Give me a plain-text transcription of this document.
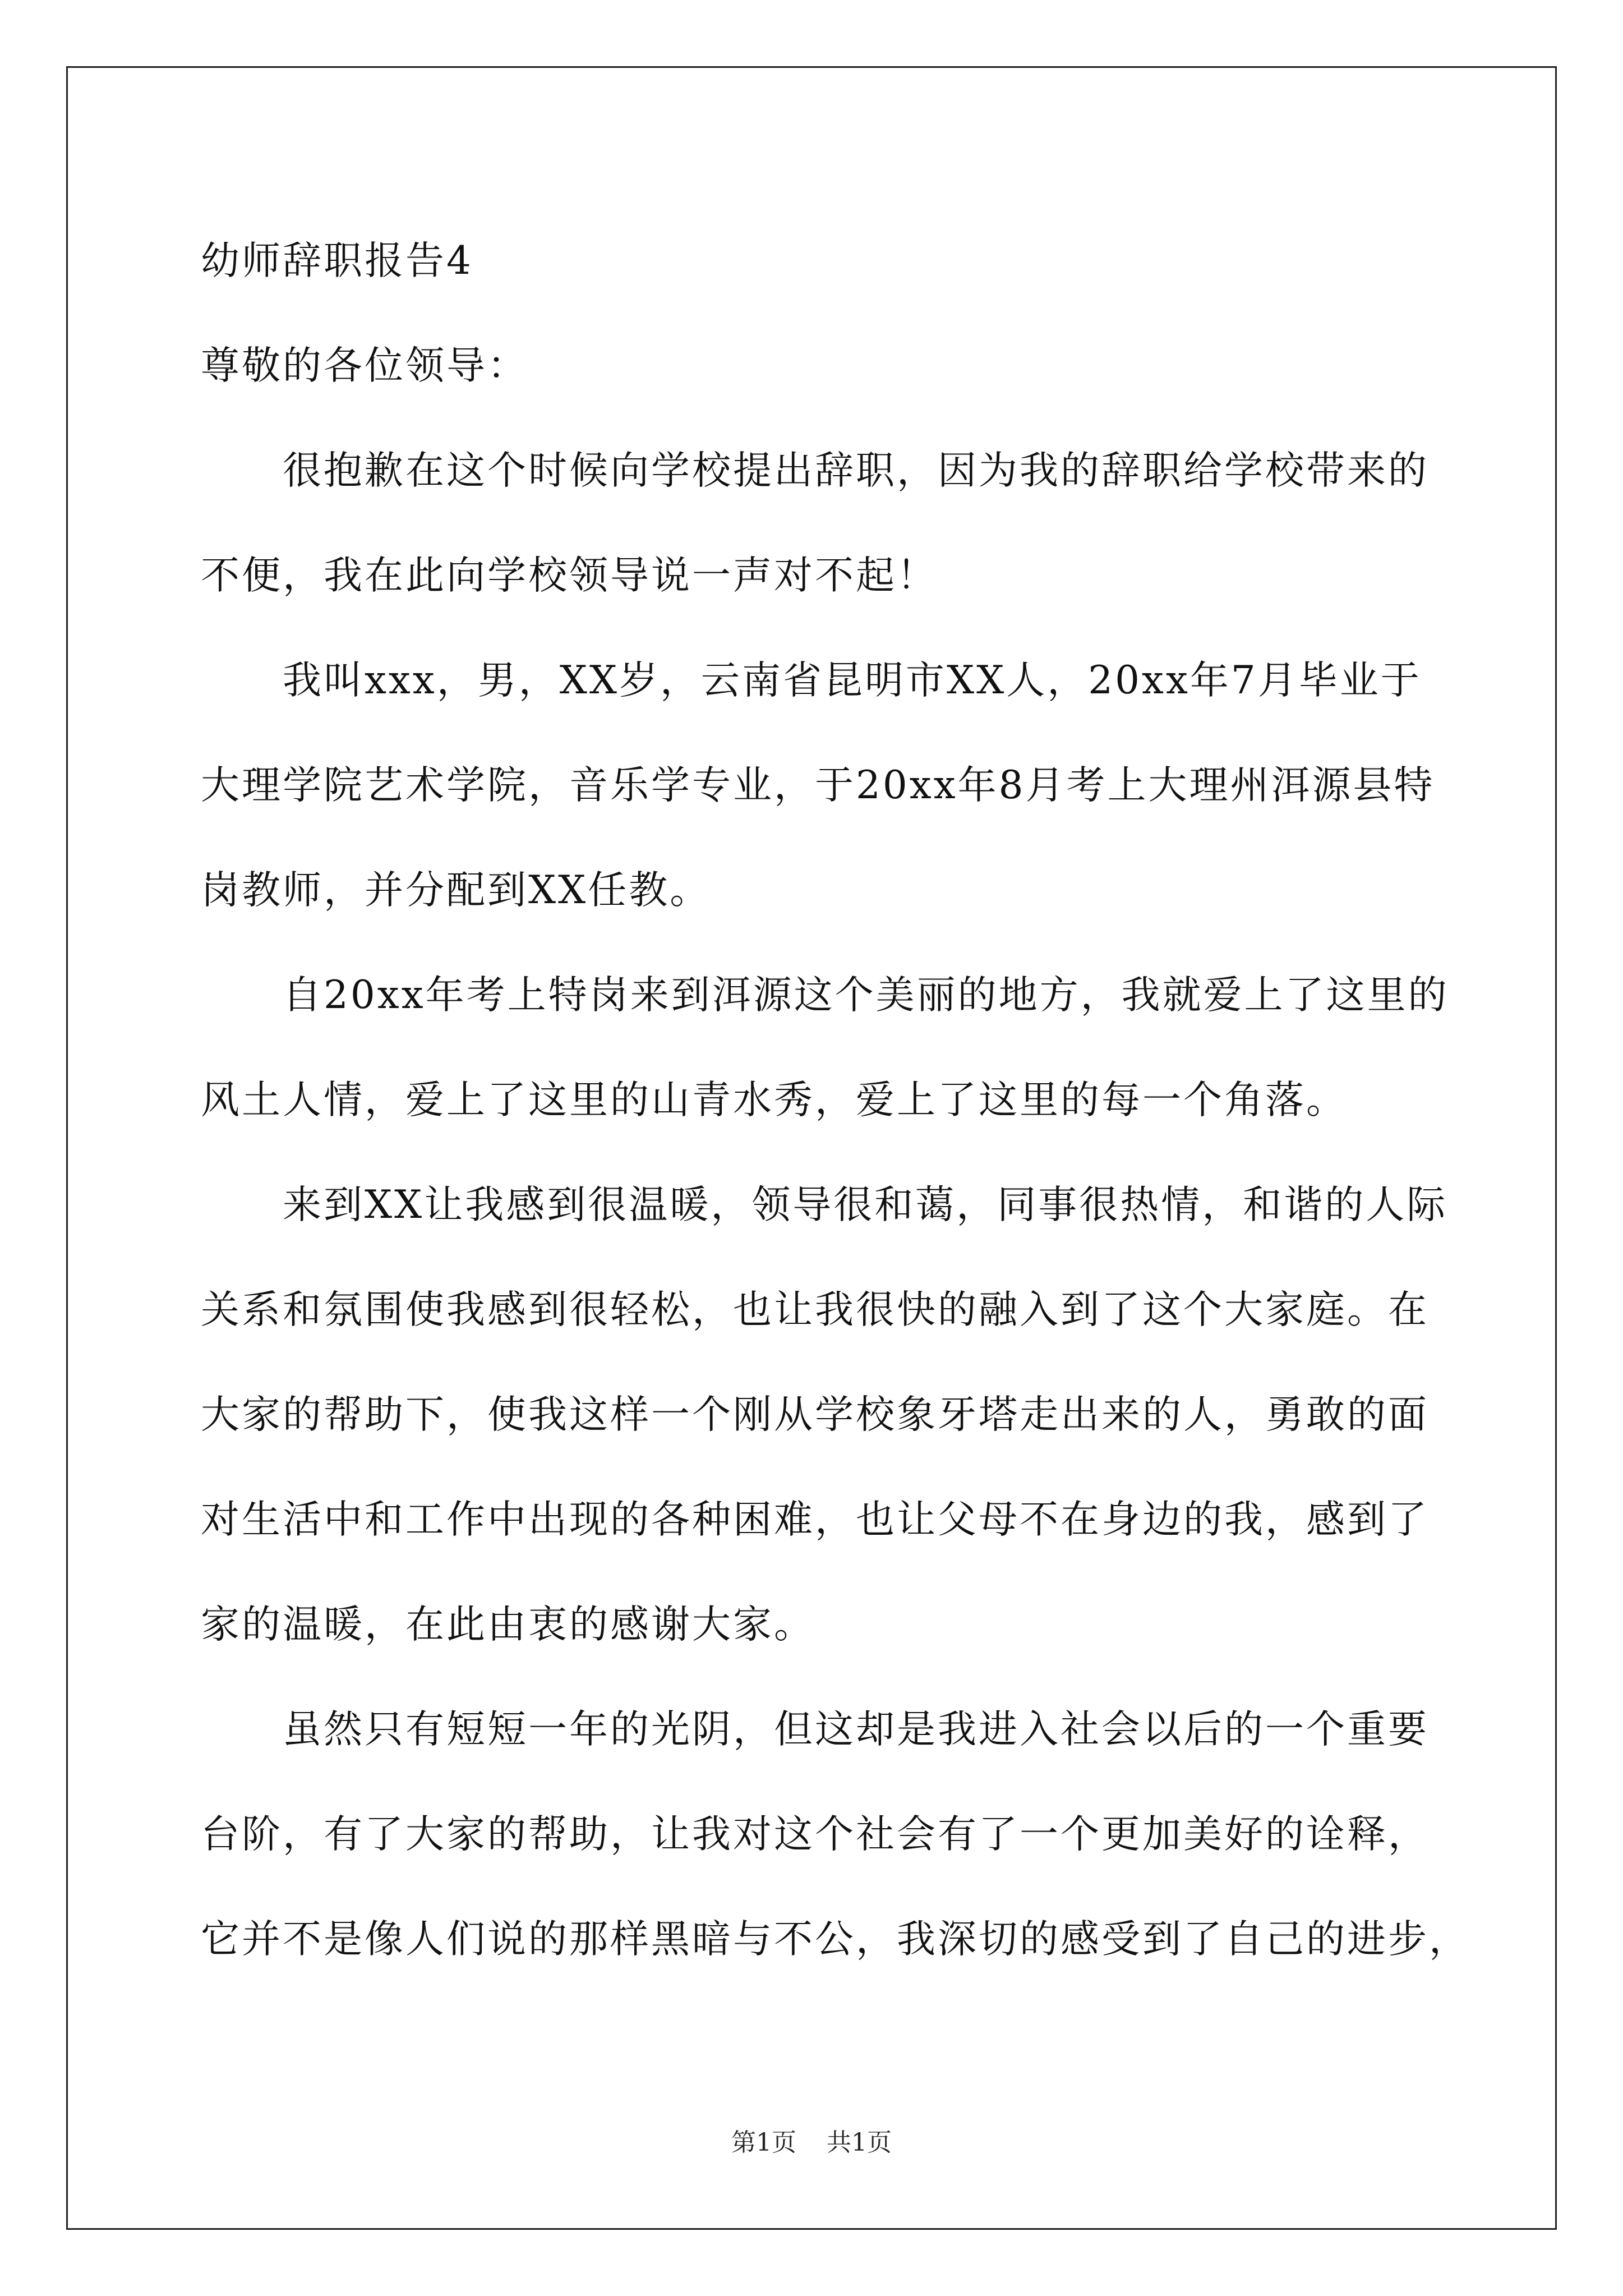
幼师辞职报告4
尊敬的各位领导：
很抱歉在这个时候向学校提出辞职，因为我的辞职给学校带来的
不便，我在此向学校领导说一声对不起！
我叫xxx，男，XX岁，云南省昆明市XX人，20xx年7月毕业于
大理学院艺术学院，音乐学专业，于20xx年8月考上大理州洱源县特
岗教师，并分配到XX任教。
自20xx年考上特岗来到洱源这个美丽的地方，我就爱上了这里的
风土人情，爱上了这里的山青水秀，爱上了这里的每一个角落。
来到XX让我感到很温暖，领导很和蔼，同事很热情，和谐的人际
关系和氛围使我感到很轻松，也让我很快的融入到了这个大家庭。在
大家的帮助下，使我这样一个刚从学校象牙塔走出来的人，勇敢的面
对生活中和工作中出现的各种困难，也让父母不在身边的我，感到了
家的温暖，在此由衷的感谢大家。
虽然只有短短一年的光阴，但这却是我进入社会以后的一个重要
台阶，有了大家的帮助，让我对这个社会有了一个更加美好的诠释，
它并不是像人们说的那样黑暗与不公，我深切的感受到了自己的进步，
第1页 共1页
